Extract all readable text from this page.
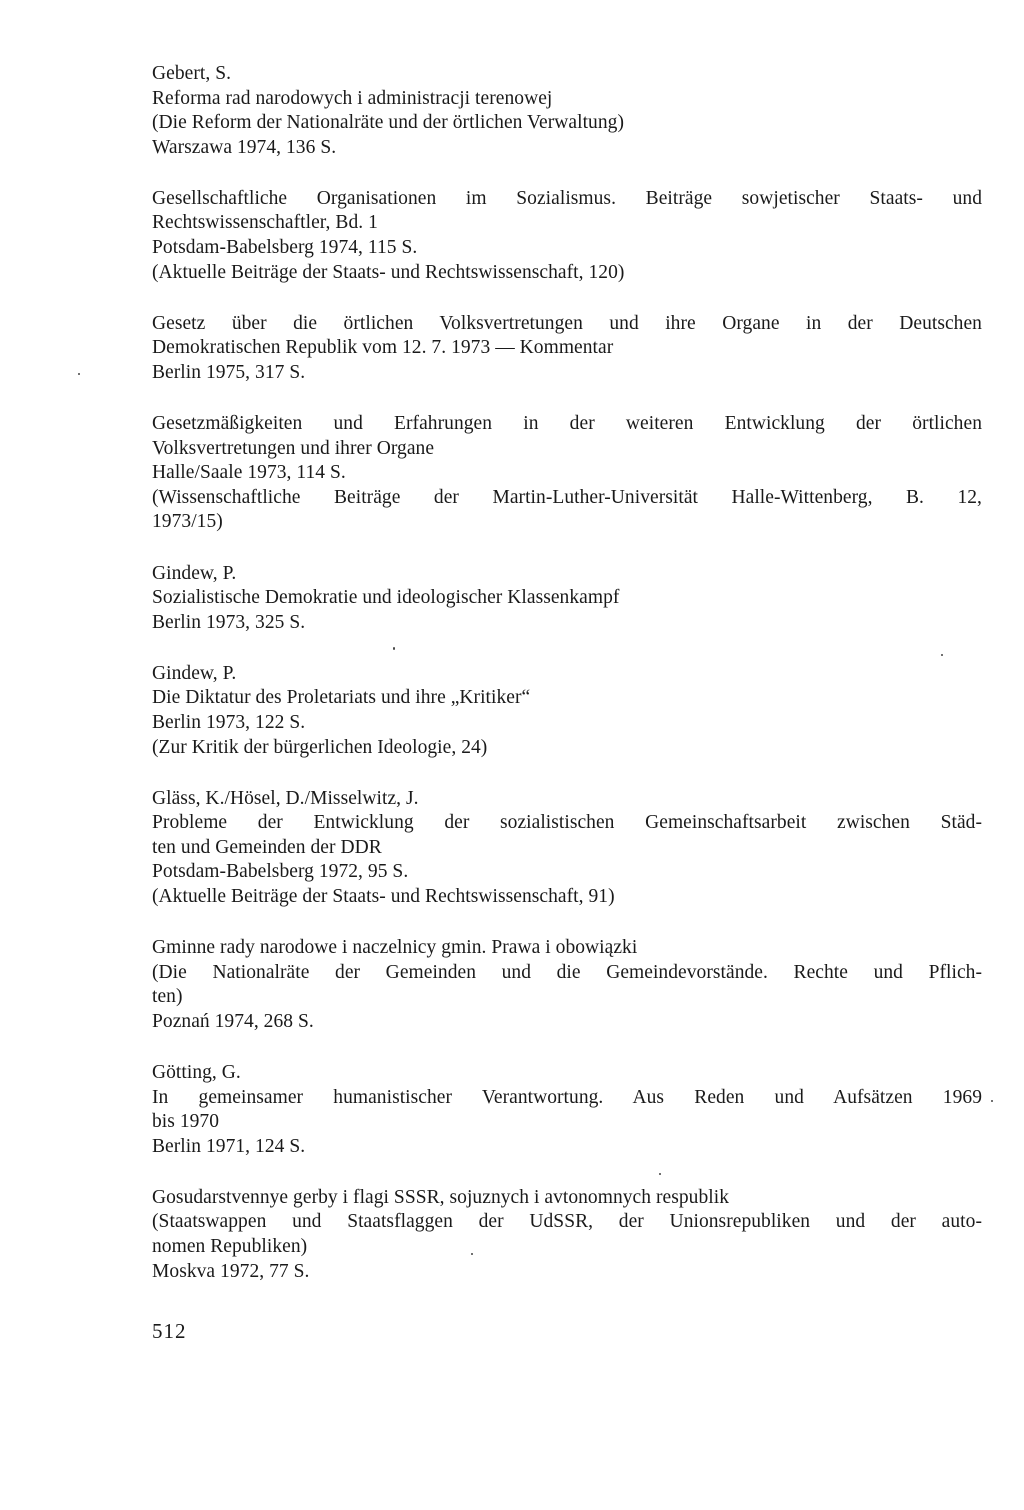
Gebert, S.
Reforma rad narodowych i administracji terenowej
(Die Reform der Nationalräte und der örtlichen Verwaltung)
Warszawa 1974, 136 S.
Gesellschaftliche Organisationen im Sozialismus. Beiträge sowjetischer Staats- und
Rechtswissenschaftler, Bd. 1
Potsdam-Babelsberg 1974, 115 S.
(Aktuelle Beiträge der Staats- und Rechtswissenschaft, 120)
Gesetz über die örtlichen Volksvertretungen und ihre Organe in der Deutschen
Demokratischen Republik vom 12. 7. 1973 — Kommentar
Berlin 1975, 317 S.
Gesetzmäßigkeiten und Erfahrungen in der weiteren Entwicklung der örtlichen
Volksvertretungen und ihrer Organe
Halle/Saale 1973, 114 S.
(Wissenschaftliche Beiträge der Martin-Luther-Universität Halle-Wittenberg, B. 12,
1973/15)
Gindew, P.
Sozialistische Demokratie und ideologischer Klassenkampf
Berlin 1973, 325 S.
Gindew, P.
Die Diktatur des Proletariats und ihre „Kritiker“
Berlin 1973, 122 S.
(Zur Kritik der bürgerlichen Ideologie, 24)
Gläss, K./Hösel, D./Misselwitz, J.
Probleme der Entwicklung der sozialistischen Gemeinschaftsarbeit zwischen Städ-
ten und Gemeinden der DDR
Potsdam-Babelsberg 1972, 95 S.
(Aktuelle Beiträge der Staats- und Rechtswissenschaft, 91)
Gminne rady narodowe i naczelnicy gmin. Prawa i obowiązki
(Die Nationalräte der Gemeinden und die Gemeindevorstände. Rechte und Pflich-
ten)
Poznań 1974, 268 S.
Götting, G.
In gemeinsamer humanistischer Verantwortung. Aus Reden und Aufsätzen 1969
bis 1970
Berlin 1971, 124 S.
Gosudarstvennye gerby i flagi SSSR, sojuznych i avtonomnych respublik
(Staatswappen und Staatsflaggen der UdSSR, der Unionsrepubliken und der auto-
nomen Republiken)
Moskva 1972, 77 S.
512
